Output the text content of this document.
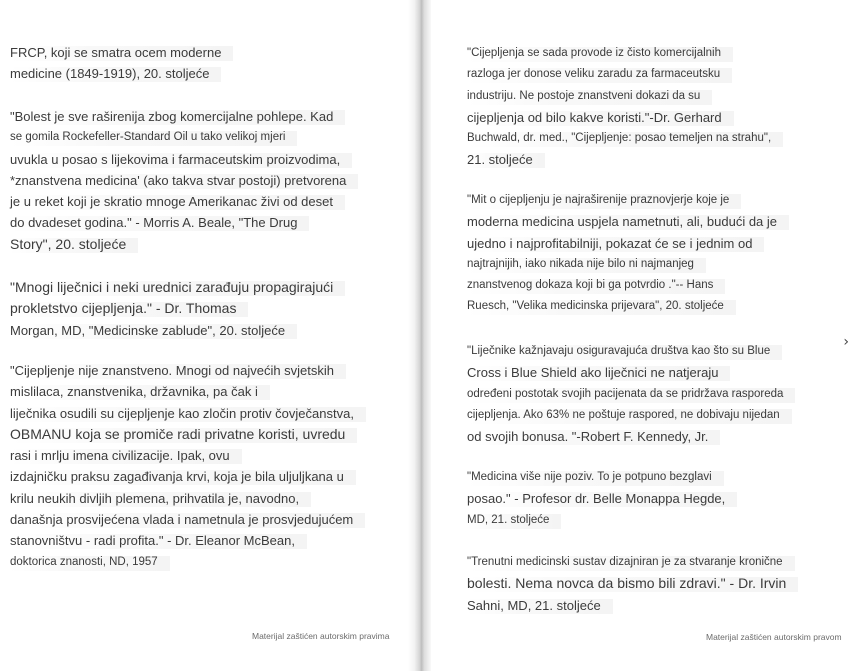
FRCP, koji se smatra ocem moderne
medicine (1849-1919), 20. stoljeće
"Bolest je sve raširenija zbog komercijalne pohlepe. Kad
se gomila Rockefeller-Standard Oil u tako velikoj mjeri
uvukla u posao s lijekovima i farmaceutskim proizvodima,
*znanstvena medicina' (ako takva stvar postoji) pretvorena
je u reket koji je skratio mnoge Amerikanac živi od deset
do dvadeset godina." - Morris A. Beale, "The Drug
Story", 20. stoljeće
"Mnogi liječnici i neki urednici zarađuju propagirajući
prokletstvo cijepljenja." - Dr. Thomas
Morgan, MD, "Medicinske zablude", 20. stoljeće
"Cijepljenje nije znanstveno. Mnogi od najvećih svjetskih
mislilaca, znanstvenika, državnika, pa čak i
liječnika osudili su cijepljenje kao zločin protiv čovječanstva,
OBMANU koja se promiče radi privatne koristi, uvredu
rasi i mrlju imena civilizacije. Ipak, ovu
izdajničku praksu zagađivanja krvi, koja je bila uljuljkana u
krilu neukih divljih plemena, prihvatila je, navodno,
današnja prosvijećena vlada i nametnula je prosvjedujućem
stanovništvu - radi profita." - Dr. Eleanor McBean,
doktorica znanosti, ND, 1957
Materijal zaštićen autorskim pravima
"Cijepljenja se sada provode iz čisto komercijalnih
razloga jer donose veliku zaradu za farmaceutsku
industriju. Ne postoje znanstveni dokazi da su
cijepljenja od bilo kakve koristi."-Dr. Gerhard
Buchwald, dr. med., "Cijepljenje: posao temeljen na strahu",
21. stoljeće
"Mit o cijepljenju je najraširenije praznovjerje koje je
moderna medicina uspjela nametnuti, ali, budući da je
ujedno i najprofitabilniji, pokazat će se i jednim od
najtrajnijih, iako nikada nije bilo ni najmanjeg
znanstvenog dokaza koji bi ga potvrdio ."-- Hans
Ruesch, "Velika medicinska prijevara", 20. stoljeće
"Liječnike kažnjavaju osiguravajuća društva kao što su Blue
Cross i Blue Shield ako liječnici ne natjeraju
određeni postotak svojih pacijenata da se pridržava rasporeda
cijepljenja. Ako 63% ne poštuje raspored, ne dobivaju nijedan
od svojih bonusa. "-Robert F. Kennedy, Jr.
"Medicina više nije poziv. To je potpuno bezglavi
posao." - Profesor dr. Belle Monappa Hegde,
MD, 21. stoljeće
"Trenutni medicinski sustav dizajniran je za stvaranje kronične
bolesti. Nema novca da bismo bili zdravi." - Dr. Irvin
Sahni, MD, 21. stoljeće
Materijal zaštićen autorskim pravom
›
